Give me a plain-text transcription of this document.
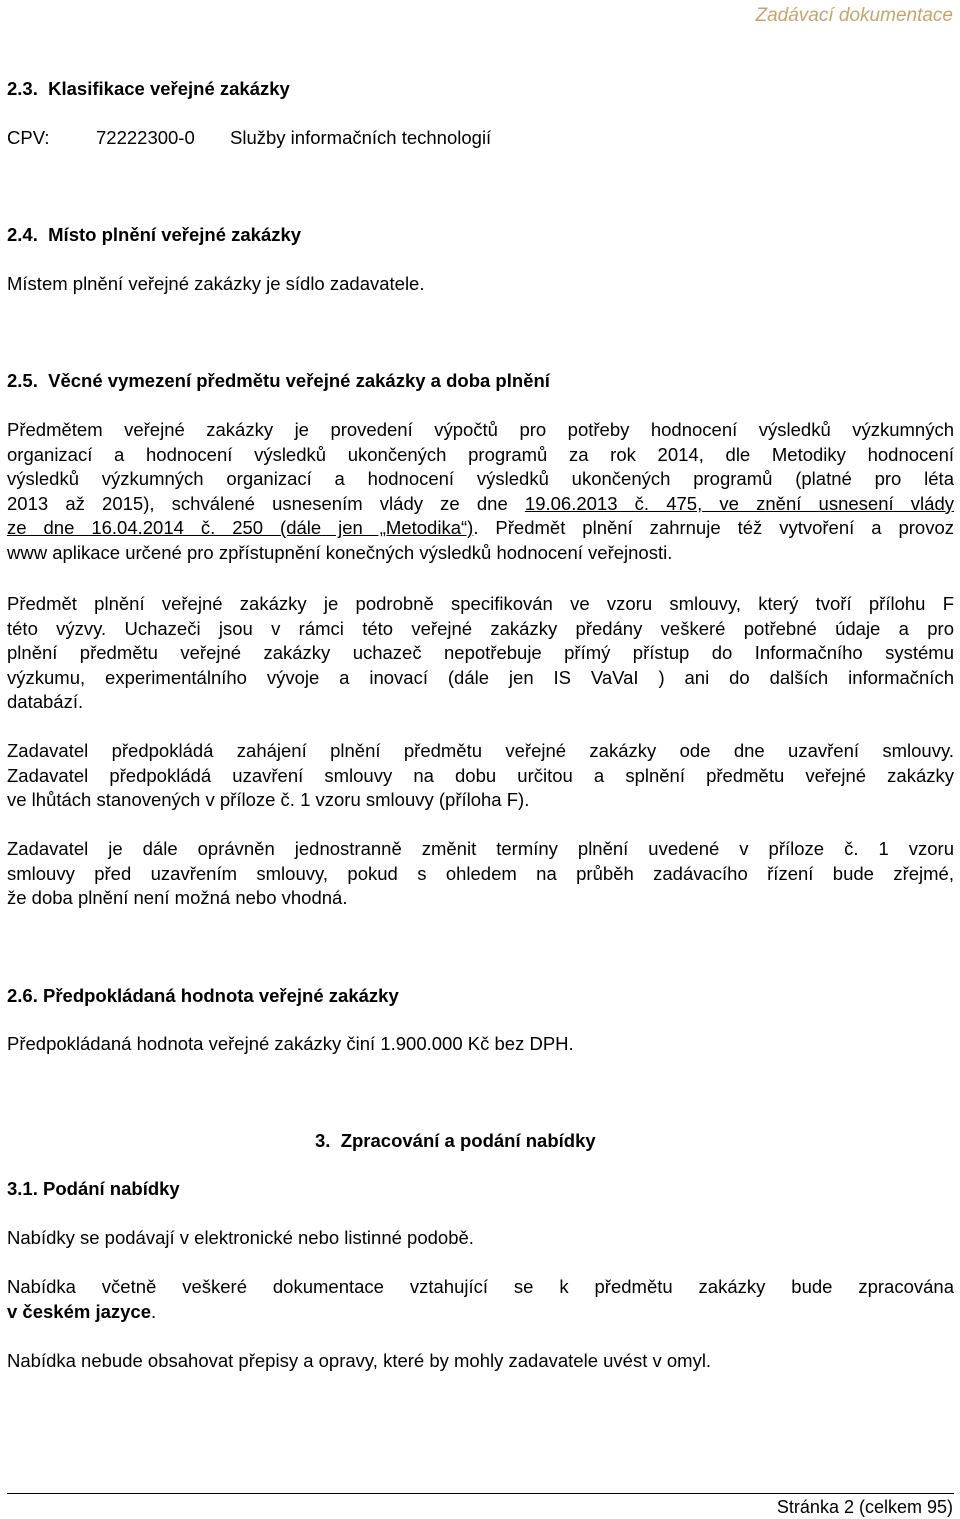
Zadávací dokumentace
2.3.  Klasifikace veřejné zakázky
CPV:	72222300-0 Služby informačních technologií
2.4.  Místo plnění veřejné zakázky
Místem plnění veřejné zakázky je sídlo zadavatele.
2.5.  Věcné vymezení předmětu veřejné zakázky a doba plnění
Předmětem veřejné zakázky je provedení výpočtů pro potřeby hodnocení výsledků výzkumných
organizací a hodnocení výsledků ukončených programů za rok 2014, dle Metodiky hodnocení
výsledků výzkumných organizací a hodnocení výsledků ukončených programů (platné pro léta
2013 až 2015), schválené usnesením vlády ze dne 19.06.2013 č. 475, ve znění usnesení vlády
ze dne 16.04.2014 č. 250 (dále jen „Metodika“). Předmět plnění zahrnuje též vytvoření a provoz
www aplikace určené pro zpřístupnění konečných výsledků hodnocení veřejnosti.
Předmět plnění veřejné zakázky je podrobně specifikován ve vzoru smlouvy, který tvoří přílohu F
této výzvy. Uchazeči jsou v rámci této veřejné zakázky předány veškeré potřebné údaje a pro
plnění předmětu veřejné zakázky uchazeč nepotřebuje přímý přístup do Informačního systému
výzkumu, experimentálního vývoje a inovací (dále jen IS VaVaI ) ani do dalších informačních
databází.
Zadavatel předpokládá zahájení plnění předmětu veřejné zakázky ode dne uzavření smlouvy.
Zadavatel předpokládá uzavření smlouvy na dobu určitou a splnění předmětu veřejné zakázky
ve lhůtách stanovených v příloze č. 1 vzoru smlouvy (příloha F).
Zadavatel je dále oprávněn jednostranně změnit termíny plnění uvedené v příloze č. 1 vzoru
smlouvy před uzavřením smlouvy, pokud s ohledem na průběh zadávacího řízení bude zřejmé,
že doba plnění není možná nebo vhodná.
2.6. Předpokládaná hodnota veřejné zakázky
Předpokládaná hodnota veřejné zakázky činí 1.900.000 Kč bez DPH.
3.  Zpracování a podání nabídky
3.1. Podání nabídky
Nabídky se podávají v elektronické nebo listinné podobě.
Nabídka včetně veškeré dokumentace vztahující se k předmětu zakázky bude zpracována
v českém jazyce.
Nabídka nebude obsahovat přepisy a opravy, které by mohly zadavatele uvést v omyl.
Stránka 2 (celkem 95)
